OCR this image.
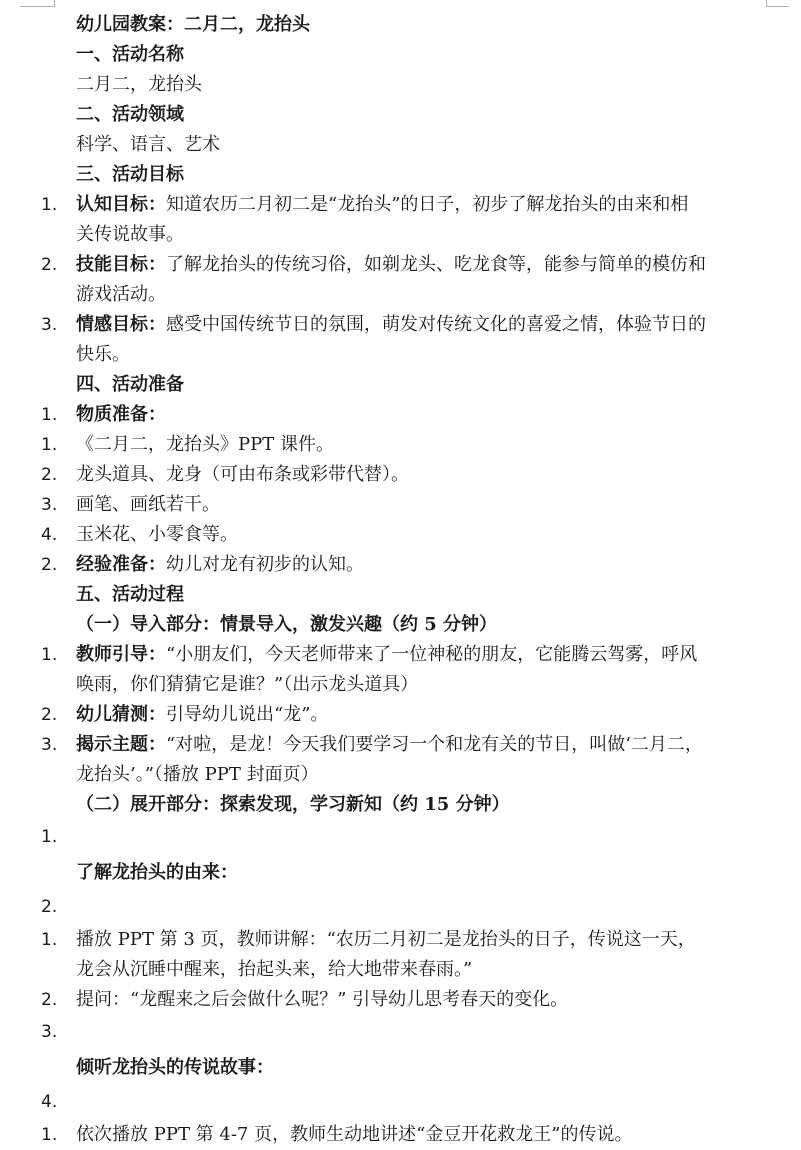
幼儿园教案：二月二，龙抬头
一、活动名称
二月二，龙抬头
二、活动领域
科学、语言、艺术
三、活动目标
1. 认知目标：知道农历二月初二是“龙抬头”的日子，初步了解龙抬头的由来和相
关传说故事。
2. 技能目标：了解龙抬头的传统习俗，如剃龙头、吃龙食等，能参与简单的模仿和
游戏活动。
3. 情感目标：感受中国传统节日的氛围，萌发对传统文化的喜爱之情，体验节日的
快乐。
四、活动准备
1. 物质准备：
1. 《二月二，龙抬头》PPT 课件。
2. 龙头道具、龙身（可由布条或彩带代替）。
3. 画笔、画纸若干。
4. 玉米花、小零食等。
2. 经验准备：幼儿对龙有初步的认知。
五、活动过程
（一）导入部分：情景导入，激发兴趣（约 5 分钟）
1. 教师引导：“小朋友们，今天老师带来了一位神秘的朋友，它能腾云驾雾，呼风
唤雨，你们猜猜它是谁？”（出示龙头道具）
2. 幼儿猜测：引导幼儿说出“龙”。
3. 揭示主题：“对啦，是龙！今天我们要学习一个和龙有关的节日，叫做‘二月二，
龙抬头’。”（播放 PPT 封面页）
（二）展开部分：探索发现，学习新知（约 15 分钟）
1.
了解龙抬头的由来：
2.
1. 播放 PPT 第 3 页，教师讲解：“农历二月初二是龙抬头的日子，传说这一天，
龙会从沉睡中醒来，抬起头来，给大地带来春雨。”
2. 提问：“龙醒来之后会做什么呢？” 引导幼儿思考春天的变化。
3.
倾听龙抬头的传说故事：
4.
1. 依次播放 PPT 第 4-7 页，教师生动地讲述“金豆开花救龙王”的传说。
